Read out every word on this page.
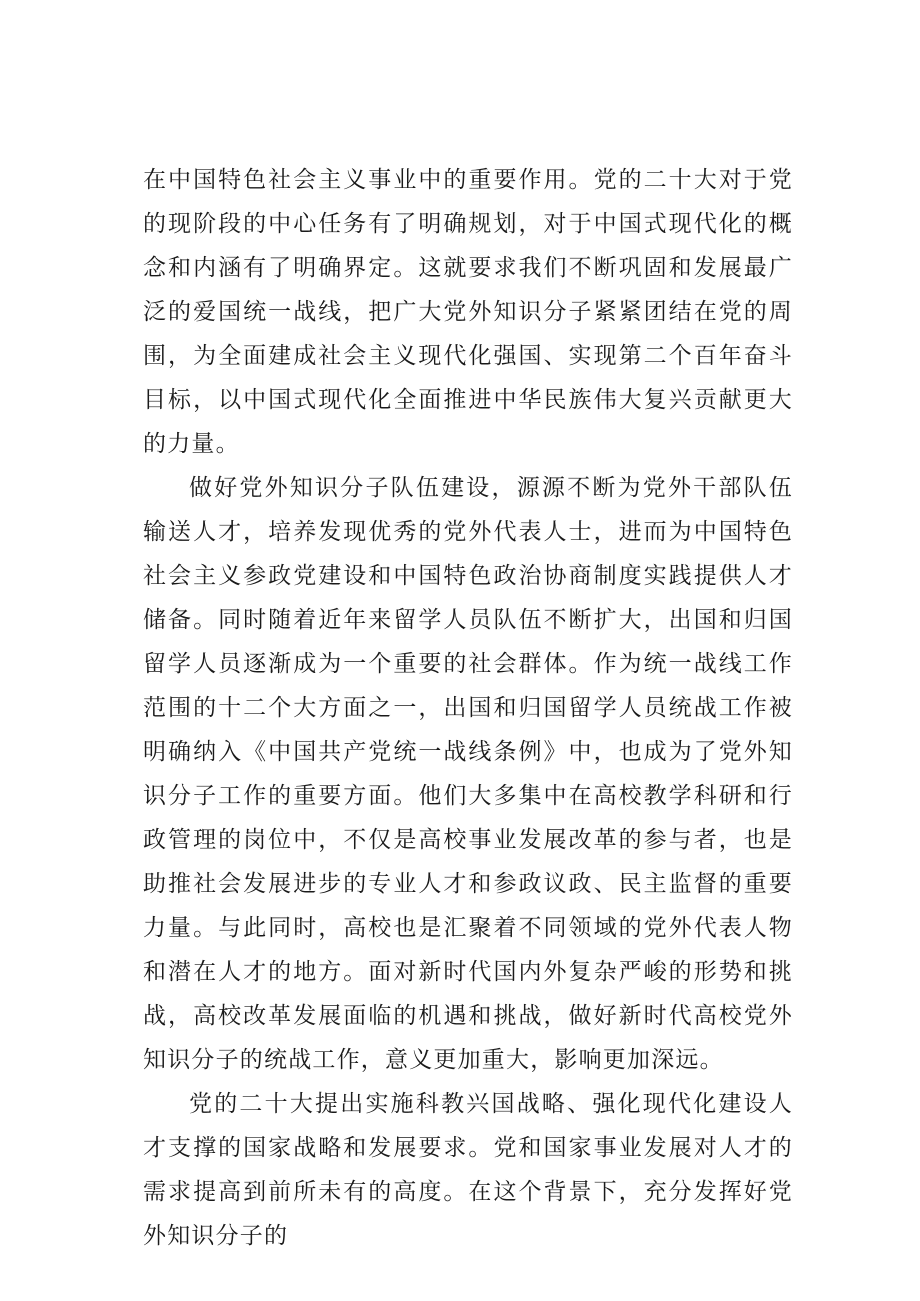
在中国特色社会主义事业中的重要作用。党的二十大对于党的现阶段的中心任务有了明确规划，对于中国式现代化的概念和内涵有了明确界定。这就要求我们不断巩固和发展最广泛的爱国统一战线，把广大党外知识分子紧紧团结在党的周围，为全面建成社会主义现代化强国、实现第二个百年奋斗目标，以中国式现代化全面推进中华民族伟大复兴贡献更大的力量。

做好党外知识分子队伍建设，源源不断为党外干部队伍输送人才，培养发现优秀的党外代表人士，进而为中国特色社会主义参政党建设和中国特色政治协商制度实践提供人才储备。同时随着近年来留学人员队伍不断扩大，出国和归国留学人员逐渐成为一个重要的社会群体。作为统一战线工作范围的十二个大方面之一，出国和归国留学人员统战工作被明确纳入《中国共产党统一战线条例》中，也成为了党外知识分子工作的重要方面。他们大多集中在高校教学科研和行政管理的岗位中，不仅是高校事业发展改革的参与者，也是助推社会发展进步的专业人才和参政议政、民主监督的重要力量。与此同时，高校也是汇聚着不同领域的党外代表人物和潜在人才的地方。面对新时代国内外复杂严峻的形势和挑战，高校改革发展面临的机遇和挑战，做好新时代高校党外知识分子的统战工作，意义更加重大，影响更加深远。

党的二十大提出实施科教兴国战略、强化现代化建设人才支撑的国家战略和发展要求。党和国家事业发展对人才的需求提高到前所未有的高度。在这个背景下，充分发挥好党外知识分子的
